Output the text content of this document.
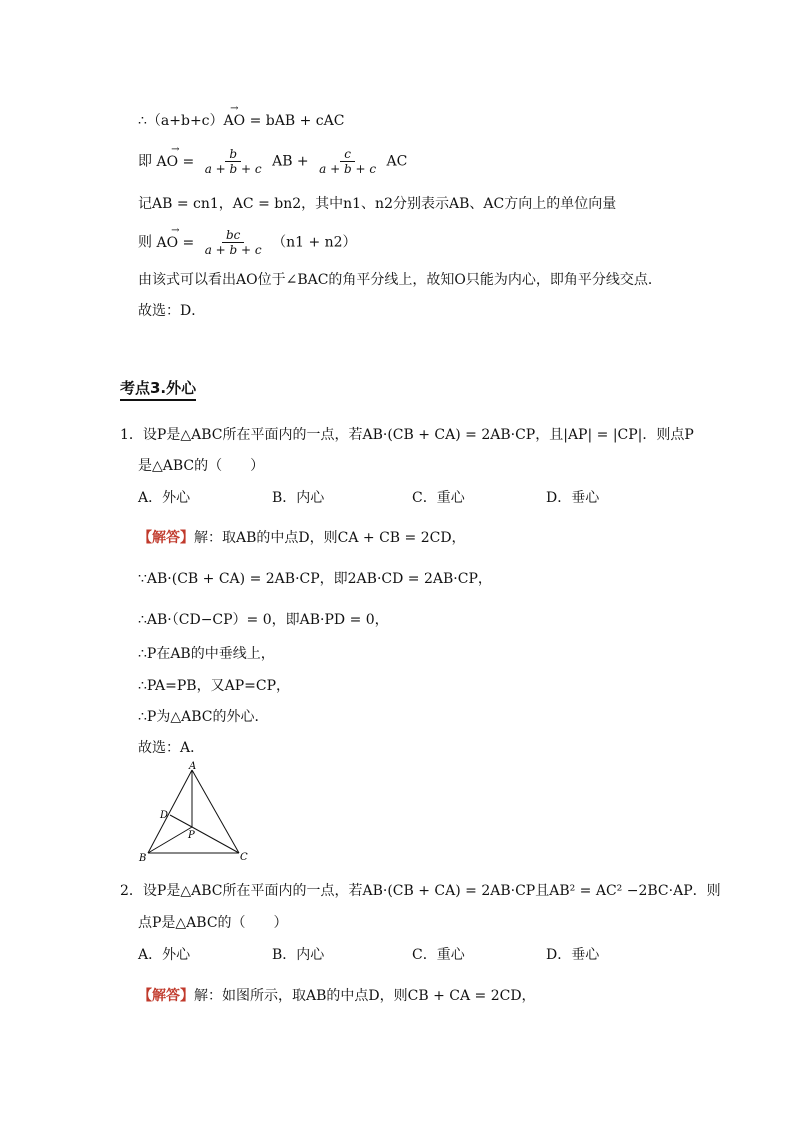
∴（a+b+c）→ AO = bAB + cAC
即 → AO = $\frac{b}{a + b + c}$ AB + $\frac{c}{a + b + c}$ AC
记AB = cn1，AC = bn2，其中n1、n2分别表示AB、AC方向上的单位向量
则 → AO = $\frac{bc}{a + b + c} (n1 + n2)$
由该式可以看出AO位于∠BAC的角平分线上，故知O只能为内心，即角平分线交点．
故选：D．
考点3.外心
1．设P是△ABC所在平面内的一点，若AB·(CB + CA) = 2AB·CP，且|AP| = |CP|．则点P
是△ABC的（　　）
A．外心	B．内心	C．重心	D．垂心
【解答】解：取AB的中点D，则CA + CB = 2CD，
∵AB·(CB + CA) = 2AB·CP，即2AB·CD = 2AB·CP，
∴AB·（CD−CP）= 0，即AB·PD = 0，
∴P在AB的中垂线上，
∴PA=PB，又AP=CP，
∴P为△ABC的外心．
故选：A．
A
D
P
B	C
2．设P是△ABC所在平面内的一点，若AB·(CB + CA) = 2AB·CP且AB² = AC² −2BC·AP．则
点P是△ABC的（　　）
A．外心	B．内心	C．重心	D．垂心
【解答】解：如图所示，取AB的中点D，则CB + CA = 2CD，
